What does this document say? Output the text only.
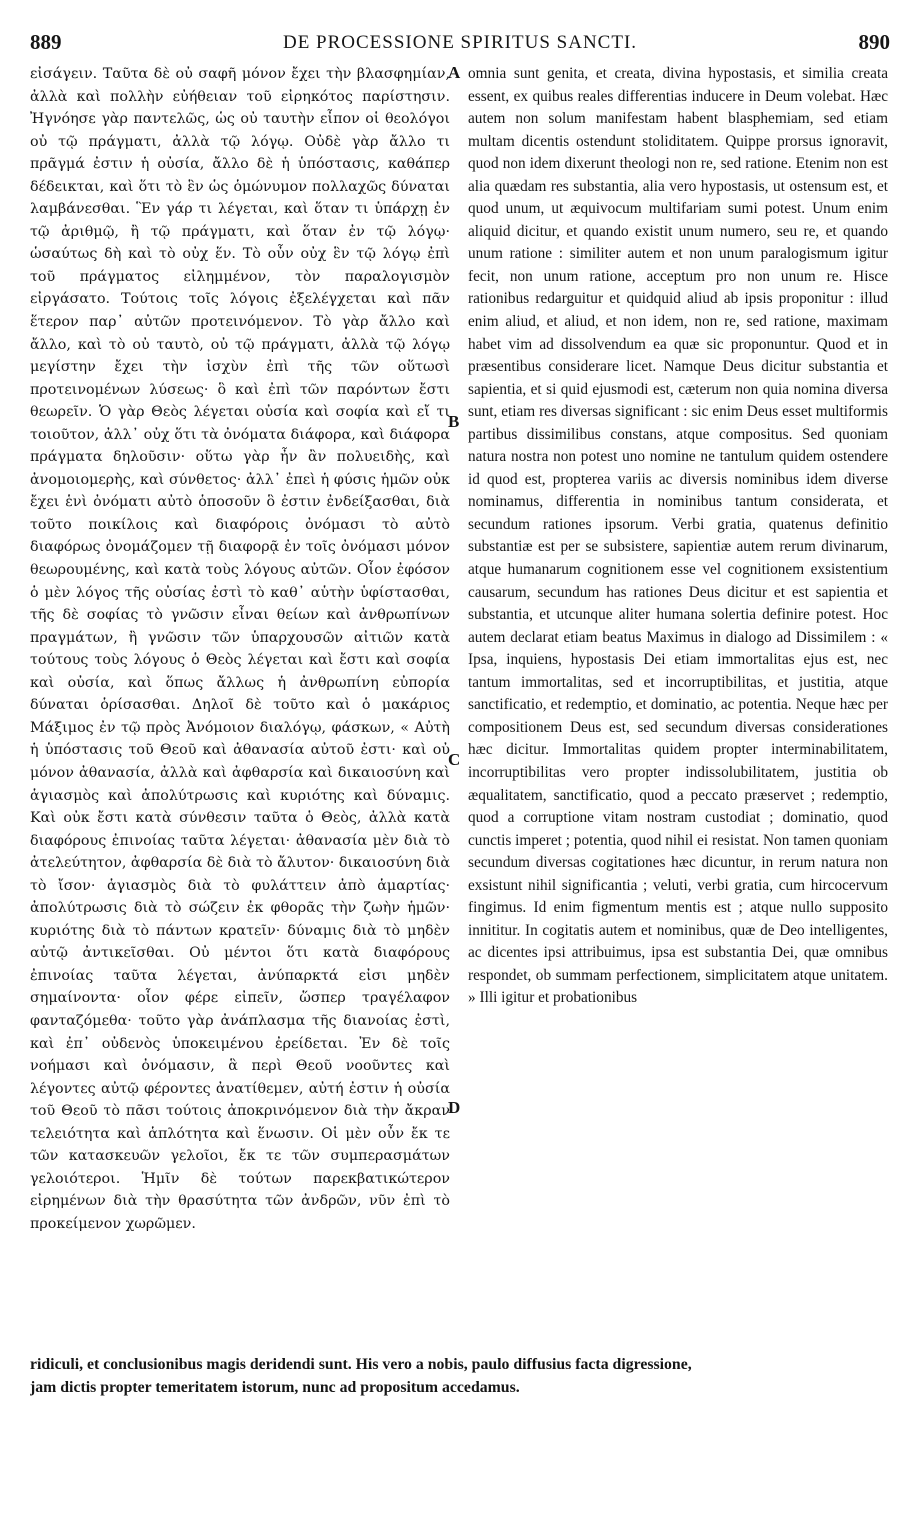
889	DE PROCESSIONE SPIRITUS SANCTI.	890

εἰσάγειν. Ταῦτα δὲ οὐ σαφῆ μόνον ἔχει τὴν βλασφημίαν, ἀλλὰ καὶ πολλὴν εὐήθειαν τοῦ εἰρηκότος παρίστησιν. Ἠγνόησε γὰρ παντελῶς, ὡς οὐ ταυτὴν εἶπον οἱ θεολόγοι οὐ τῷ πράγματι, ἀλλὰ τῷ λόγῳ. Οὐδὲ γὰρ ἄλλο τι πρᾶγμά ἐστιν ἡ οὐσία, ἄλλο δὲ ἡ ὑπόστασις, καθάπερ δέδεικται, καὶ ὅτι τὸ ἓν ὡς ὁμώνυμον πολλαχῶς δύναται λαμβάνεσθαι. Ἓν γάρ τι λέγεται, καὶ ὅταν τι ὑπάρχῃ ἐν τῷ ἀριθμῷ, ἢ τῷ πράγματι, καὶ ὅταν ἐν τῷ λόγῳ· ὡσαύτως δὴ καὶ τὸ οὐχ ἕν. Τὸ οὖν οὐχ ἓν τῷ λόγῳ ἐπὶ τοῦ πράγματος εἰλημμένον, τὸν παραλογισμὸν εἰργάσατο. Τούτοις τοῖς λόγοις ἐξελέγχεται καὶ πᾶν ἕτερον παρ᾽ αὐτῶν προτεινόμενον. Τὸ γὰρ ἄλλο καὶ ἄλλο, καὶ τὸ οὐ ταυτὸ, οὐ τῷ πράγματι, ἀλλὰ τῷ λόγῳ μεγίστην ἔχει τὴν ἰσχὺν ἐπὶ τῆς τῶν οὕτωσὶ προτεινομένων λύσεως· ὃ καὶ ἐπὶ τῶν παρόντων ἔστι θεωρεῖν. Ὁ γὰρ Θεὸς λέγεται οὐσία καὶ σοφία καὶ εἴ τι τοιοῦτον, ἀλλ᾽ οὐχ ὅτι τὰ ὀνόματα διάφορα, καὶ διάφορα πράγματα δηλοῦσιν· οὕτω γὰρ ἦν ἂν πολυειδὴς, καὶ ἀνομοιομερὴς, καὶ σύνθετος· ἀλλ᾽ ἐπεὶ ἡ φύσις ἡμῶν οὐκ ἔχει ἑνὶ ὀνόματι αὐτὸ ὁποσοῦν ὃ ἐστιν ἐνδείξασθαι, διὰ τοῦτο ποικίλοις καὶ διαφόροις ὀνόμασι τὸ αὐτὸ διαφόρως ὀνομάζομεν τῇ διαφορᾷ ἐν τοῖς ὀνόμασι μόνον θεωρουμένης, καὶ κατὰ τοὺς λόγους αὐτῶν. Οἷον ἐφόσον ὁ μὲν λόγος τῆς οὐσίας ἐστὶ τὸ καθ᾽ αὑτὴν ὑφίστασθαι, τῆς δὲ σοφίας τὸ γνῶσιν εἶναι θείων καὶ ἀνθρωπίνων πραγμάτων, ἢ γνῶσιν τῶν ὑπαρχουσῶν αἰτιῶν κατὰ τούτους τοὺς λόγους ὁ Θεὸς λέγεται καὶ ἔστι καὶ σοφία καὶ οὐσία, καὶ ὅπως ἄλλως ἡ ἀνθρωπίνη εὐπορία δύναται ὁρίσασθαι. Δηλοῖ δὲ τοῦτο καὶ ὁ μακάριος Μάξιμος ἐν τῷ πρὸς Ἀνόμοιον διαλόγῳ, φάσκων, « Αὐτὴ ἡ ὑπόστασις τοῦ Θεοῦ καὶ ἀθανασία αὐτοῦ ἐστι· καὶ οὐ μόνον ἀθανασία, ἀλλὰ καὶ ἀφθαρσία καὶ δικαιοσύνη καὶ ἁγιασμὸς καὶ ἀπολύτρωσις καὶ κυριότης καὶ δύναμις. Καὶ οὐκ ἔστι κατὰ σύνθεσιν ταῦτα ὁ Θεὸς, ἀλλὰ κατὰ διαφόρους ἐπινοίας ταῦτα λέγεται· ἀθανασία μὲν διὰ τὸ ἀτελεύτητον, ἀφθαρσία δὲ διὰ τὸ ἄλυτον· δικαιοσύνη διὰ τὸ ἴσον· ἁγιασμὸς διὰ τὸ φυλάττειν ἀπὸ ἁμαρτίας· ἀπολύτρωσις διὰ τὸ σώζειν ἐκ φθορᾶς τὴν ζωὴν ἡμῶν· κυριότης διὰ τὸ πάντων κρατεῖν· δύναμις διὰ τὸ μηδὲν αὐτῷ ἀντικεῖσθαι. Οὐ μέντοι ὅτι κατὰ διαφόρους ἐπινοίας ταῦτα λέγεται, ἀνύπαρκτά εἰσι μηδὲν σημαίνοντα· οἷον φέρε εἰπεῖν, ὥσπερ τραγέλαφον φανταζόμεθα· τοῦτο γὰρ ἀνάπλασμα τῆς διανοίας ἐστὶ, καὶ ἐπ᾽ οὐδενὸς ὑποκειμένου ἐρείδεται. Ἐν δὲ τοῖς νοήμασι καὶ ὀνόμασιν, ἃ περὶ Θεοῦ νοοῦντες καὶ λέγοντες αὐτῷ φέροντες ἀνατίθεμεν, αὐτή ἐστιν ἡ οὐσία τοῦ Θεοῦ τὸ πᾶσι τούτοις ἀποκρινόμενον διὰ τὴν ἄκραν τελειότητα καὶ ἁπλότητα καὶ ἕνωσιν. Οἱ μὲν οὖν ἔκ τε τῶν κατασκευῶν γελοῖοι, ἔκ τε τῶν συμπερασμάτων γελοιότεροι. Ἡμῖν δὲ τούτων παρεκβατικώτερον εἰρημένων διὰ τὴν θρασύτητα τῶν ἀνδρῶν, νῦν ἐπὶ τὸ προκείμενον χωρῶμεν.

A
B
C
D

omnia sunt genita, et creata, divina hypostasis, et similia creata essent, ex quibus reales differentias inducere in Deum volebat. Hæc autem non solum manifestam habent blasphemiam, sed etiam multam dicentis ostendunt stoliditatem. Quippe prorsus ignoravit, quod non idem dixerunt theologi non re, sed ratione. Etenim non est alia quædam res substantia, alia vero hypostasis, ut ostensum est, et quod unum, ut æquivocum multifariam sumi potest. Unum enim aliquid dicitur, et quando existit unum numero, seu re, et quando unum ratione : similiter autem et non unum paralogismum igitur fecit, non unum ratione, acceptum pro non unum re. Hisce rationibus redarguitur et quidquid aliud ab ipsis proponitur : illud enim aliud, et aliud, et non idem, non re, sed ratione, maximam habet vim ad dissolvendum ea quæ sic proponuntur. Quod et in præsentibus considerare licet. Namque Deus dicitur substantia et sapientia, et si quid ejusmodi est, cæterum non quia nomina diversa sunt, etiam res diversas significant : sic enim Deus esset multiformis partibus dissimilibus constans, atque compositus. Sed quoniam natura nostra non potest uno nomine ne tantulum quidem ostendere id quod est, propterea variis ac diversis nominibus idem diverse nominamus, differentia in nominibus tantum considerata, et secundum rationes ipsorum. Verbi gratia, quatenus definitio substantiæ est per se subsistere, sapientiæ autem rerum divinarum, atque humanarum cognitionem esse vel cognitionem exsistentium causarum, secundum has rationes Deus dicitur et est sapientia et substantia, et utcunque aliter humana solertia definire potest. Hoc autem declarat etiam beatus Maximus in dialogo ad Dissimilem : « Ipsa, inquiens, hypostasis Dei etiam immortalitas ejus est, nec tantum immortalitas, sed et incorruptibilitas, et justitia, atque sanctificatio, et redemptio, et dominatio, ac potentia. Neque hæc per compositionem Deus est, sed secundum diversas considerationes hæc dicitur. Immortalitas quidem propter interminabilitatem, incorruptibilitas vero propter indissolubilitatem, justitia ob æqualitatem, sanctificatio, quod a peccato præservet ; redemptio, quod a corruptione vitam nostram custodiat ; dominatio, quod cunctis imperet ; potentia, quod nihil ei resistat. Non tamen quoniam secundum diversas cogitationes hæc dicuntur, in rerum natura non exsistunt nihil significantia ; veluti, verbi gratia, cum hircocervum fingimus. Id enim figmentum mentis est ; atque nullo supposito innititur. In cogitatis autem et nominibus, quæ de Deo intelligentes, ac dicentes ipsi attribuimus, ipsa est substantia Dei, quæ omnibus respondet, ob summam perfectionem, simplicitatem atque unitatem. » Illi igitur et probationibus

ridiculi, et conclusionibus magis deridendi sunt. His vero a nobis, paulo diffusius facta digressione,
jam dictis propter temeritatem istorum, nunc ad propositum accedamus.
